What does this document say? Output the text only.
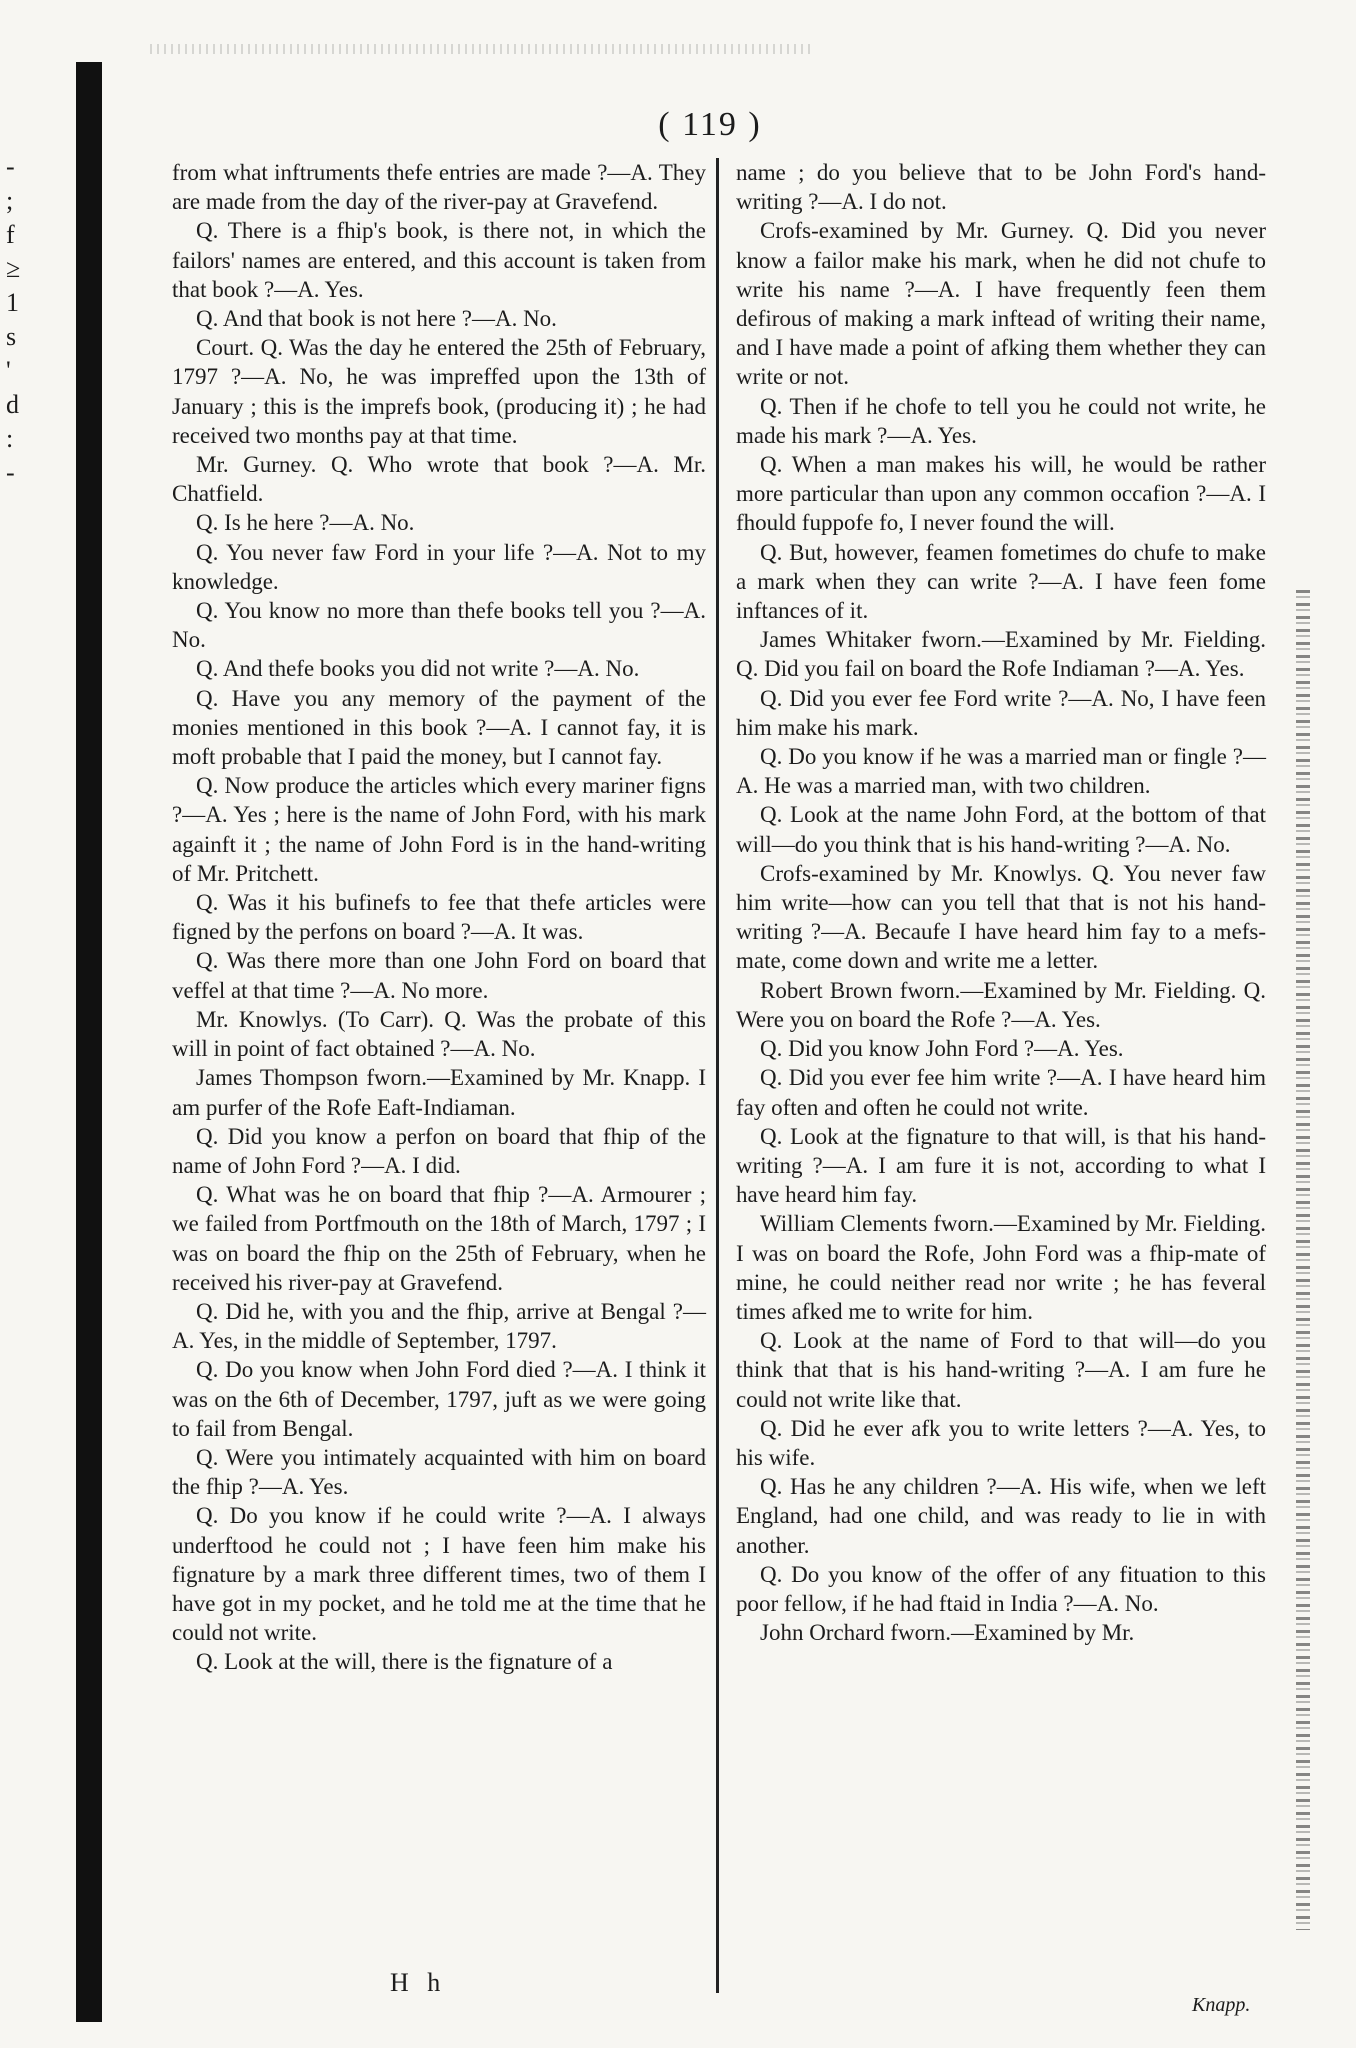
-
;
f
≥
1
s
'
d
:
-
( 119 )

from what inftruments thefe entries are made ?—A. They are made from the day of the river-pay at Gravefend.

Q. There is a fhip's book, is there not, in which the failors' names are entered, and this account is taken from that book ?—A. Yes.

Q. And that book is not here ?—A. No.

Court. Q. Was the day he entered the 25th of February, 1797 ?—A. No, he was impreffed upon the 13th of January ; this is the imprefs book, (producing it) ; he had received two months pay at that time.

Mr. Gurney. Q. Who wrote that book ?—A. Mr. Chatfield.

Q. Is he here ?—A. No.

Q. You never faw Ford in your life ?—A. Not to my knowledge.

Q. You know no more than thefe books tell you ?—A. No.

Q. And thefe books you did not write ?—A. No.

Q. Have you any memory of the payment of the monies mentioned in this book ?—A. I cannot fay, it is moft probable that I paid the money, but I cannot fay.

Q. Now produce the articles which every mariner figns ?—A. Yes ; here is the name of John Ford, with his mark againft it ; the name of John Ford is in the hand-writing of Mr. Pritchett.

Q. Was it his bufinefs to fee that thefe articles were figned by the perfons on board ?—A. It was.

Q. Was there more than one John Ford on board that veffel at that time ?—A. No more.

Mr. Knowlys. (To Carr). Q. Was the probate of this will in point of fact obtained ?—A. No.

James Thompson fworn.—Examined by Mr. Knapp. I am purfer of the Rofe Eaft-Indiaman.

Q. Did you know a perfon on board that fhip of the name of John Ford ?—A. I did.

Q. What was he on board that fhip ?—A. Armourer ; we failed from Portfmouth on the 18th of March, 1797 ; I was on board the fhip on the 25th of February, when he received his river-pay at Gravefend.

Q. Did he, with you and the fhip, arrive at Bengal ?—A. Yes, in the middle of September, 1797.

Q. Do you know when John Ford died ?—A. I think it was on the 6th of December, 1797, juft as we were going to fail from Bengal.

Q. Were you intimately acquainted with him on board the fhip ?—A. Yes.

Q. Do you know if he could write ?—A. I always underftood he could not ; I have feen him make his fignature by a mark three different times, two of them I have got in my pocket, and he told me at the time that he could not write.

Q. Look at the will, there is the fignature of a

name ; do you believe that to be John Ford's hand-writing ?—A. I do not.

Crofs-examined by Mr. Gurney. Q. Did you never know a failor make his mark, when he did not chufe to write his name ?—A. I have frequently feen them defirous of making a mark inftead of writing their name, and I have made a point of afking them whether they can write or not.

Q. Then if he chofe to tell you he could not write, he made his mark ?—A. Yes.

Q. When a man makes his will, he would be rather more particular than upon any common occafion ?—A. I fhould fuppofe fo, I never found the will.

Q. But, however, feamen fometimes do chufe to make a mark when they can write ?—A. I have feen fome inftances of it.

James Whitaker fworn.—Examined by Mr. Fielding. Q. Did you fail on board the Rofe Indiaman ?—A. Yes.

Q. Did you ever fee Ford write ?—A. No, I have feen him make his mark.

Q. Do you know if he was a married man or fingle ?—A. He was a married man, with two children.

Q. Look at the name John Ford, at the bottom of that will—do you think that is his hand-writing ?—A. No.

Crofs-examined by Mr. Knowlys. Q. You never faw him write—how can you tell that that is not his hand-writing ?—A. Becaufe I have heard him fay to a mefs-mate, come down and write me a letter.

Robert Brown fworn.—Examined by Mr. Fielding. Q. Were you on board the Rofe ?—A. Yes.

Q. Did you know John Ford ?—A. Yes.

Q. Did you ever fee him write ?—A. I have heard him fay often and often he could not write.

Q. Look at the fignature to that will, is that his hand-writing ?—A. I am fure it is not, according to what I have heard him fay.

William Clements fworn.—Examined by Mr. Fielding. I was on board the Rofe, John Ford was a fhip-mate of mine, he could neither read nor write ; he has feveral times afked me to write for him.

Q. Look at the name of Ford to that will—do you think that that is his hand-writing ?—A. I am fure he could not write like that.

Q. Did he ever afk you to write letters ?—A. Yes, to his wife.

Q. Has he any children ?—A. His wife, when we left England, had one child, and was ready to lie in with another.

Q. Do you know of the offer of any fituation to this poor fellow, if he had ftaid in India ?—A. No.

John Orchard fworn.—Examined by Mr.

H h
Knapp.
